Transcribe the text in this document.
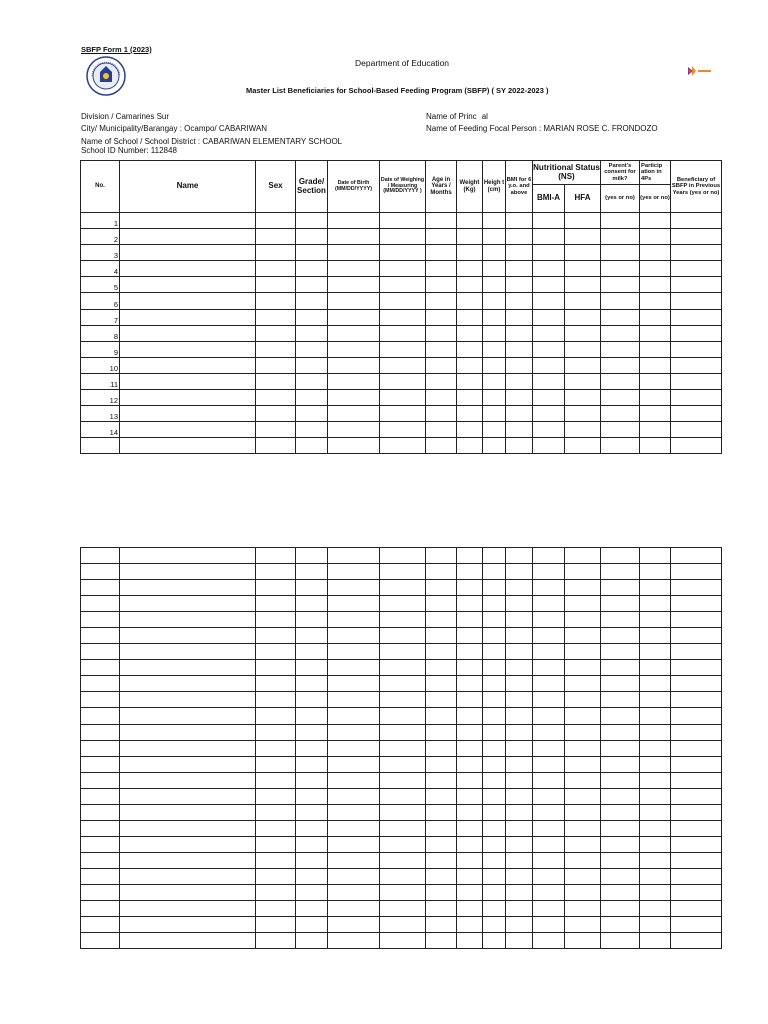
SBFP Form 1 (2023)
Department of Education
Master List Beneficiaries for School-Based Feeding Program (SBFP) ( SY 2022-2023 )
Division / Camarines Sur
City/ Municipality/Barangay : Ocampo/ CABARIWAN
Name of School / School District : CABARIWAN ELEMENTARY SCHOOL
School ID Number: 112848
Name of Princ al
Name of Feeding Focal Person : MARIAN ROSE C. FRONDOZO
No.	Name	Sex	Grade/ Section	Date of Birth (MM/DD/YYYY)	Date of Weighing / Measuring (MM/DD/YYYY )	Age in Years / Months	Weight (Kg)	Heigh t (cm)	BMI for 6 y.o. and above	Nutritional Status (NS)		Parent's consent for milk?	Particip ation in 4Ps	Beneficiary of SBFP in Previous Years (yes or no)
										BMI-A	HFA	(yes or no)	(yes or no)	
1														
2														
3														
4														
5														
6														
7														
8														
9														
10														
11														
12														
13														
14														
